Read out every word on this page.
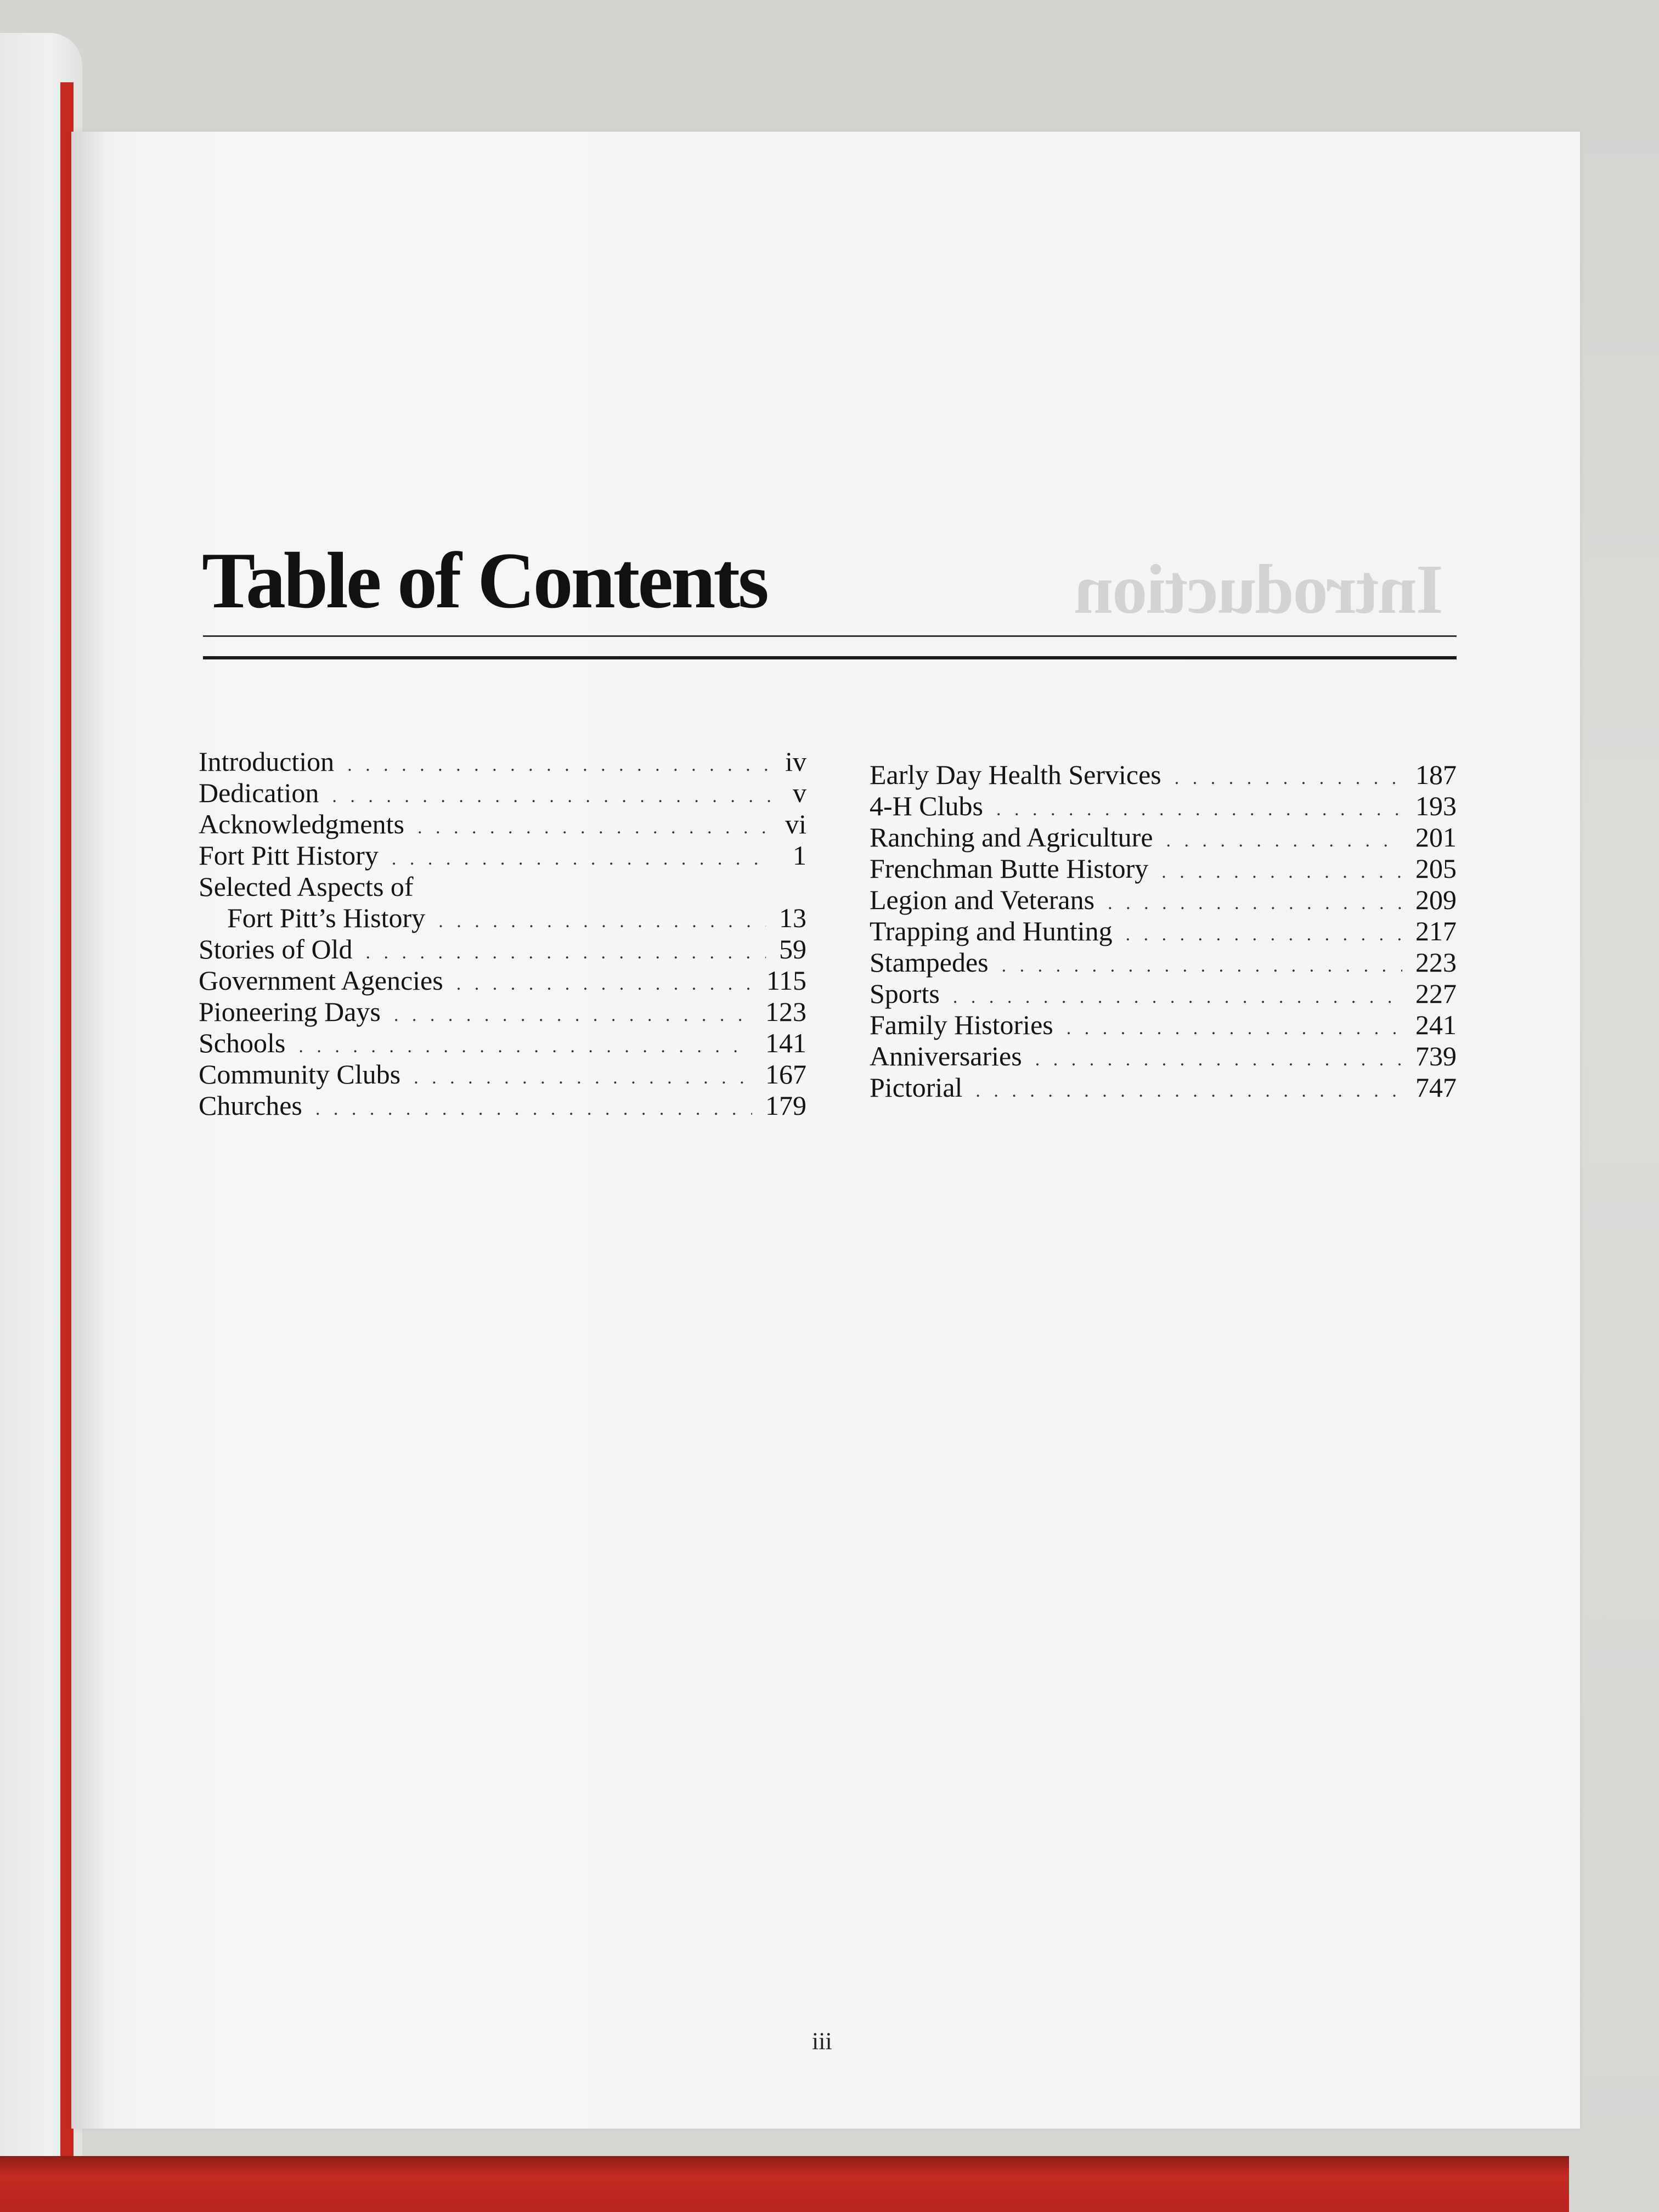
Introduction
Table of Contents
Introduction . . .	iv
Dedication . . .	v
Acknowledgments . . .	vi
Fort Pitt History . . .	1
Selected Aspects of
Fort Pitt’s History . . .	13
Stories of Old . . .	59
Government Agencies . . .	115
Pioneering Days . . .	123
Schools . . .	141
Community Clubs . . .	167
Churches . . .	179
Early Day Health Services . . .	187
4-H Clubs . . .	193
Ranching and Agriculture . . .	201
Frenchman Butte History . . .	205
Legion and Veterans . . .	209
Trapping and Hunting . . .	217
Stampedes . . .	223
Sports . . .	227
Family Histories . . .	241
Anniversaries . . .	739
Pictorial . . .	747
iii
